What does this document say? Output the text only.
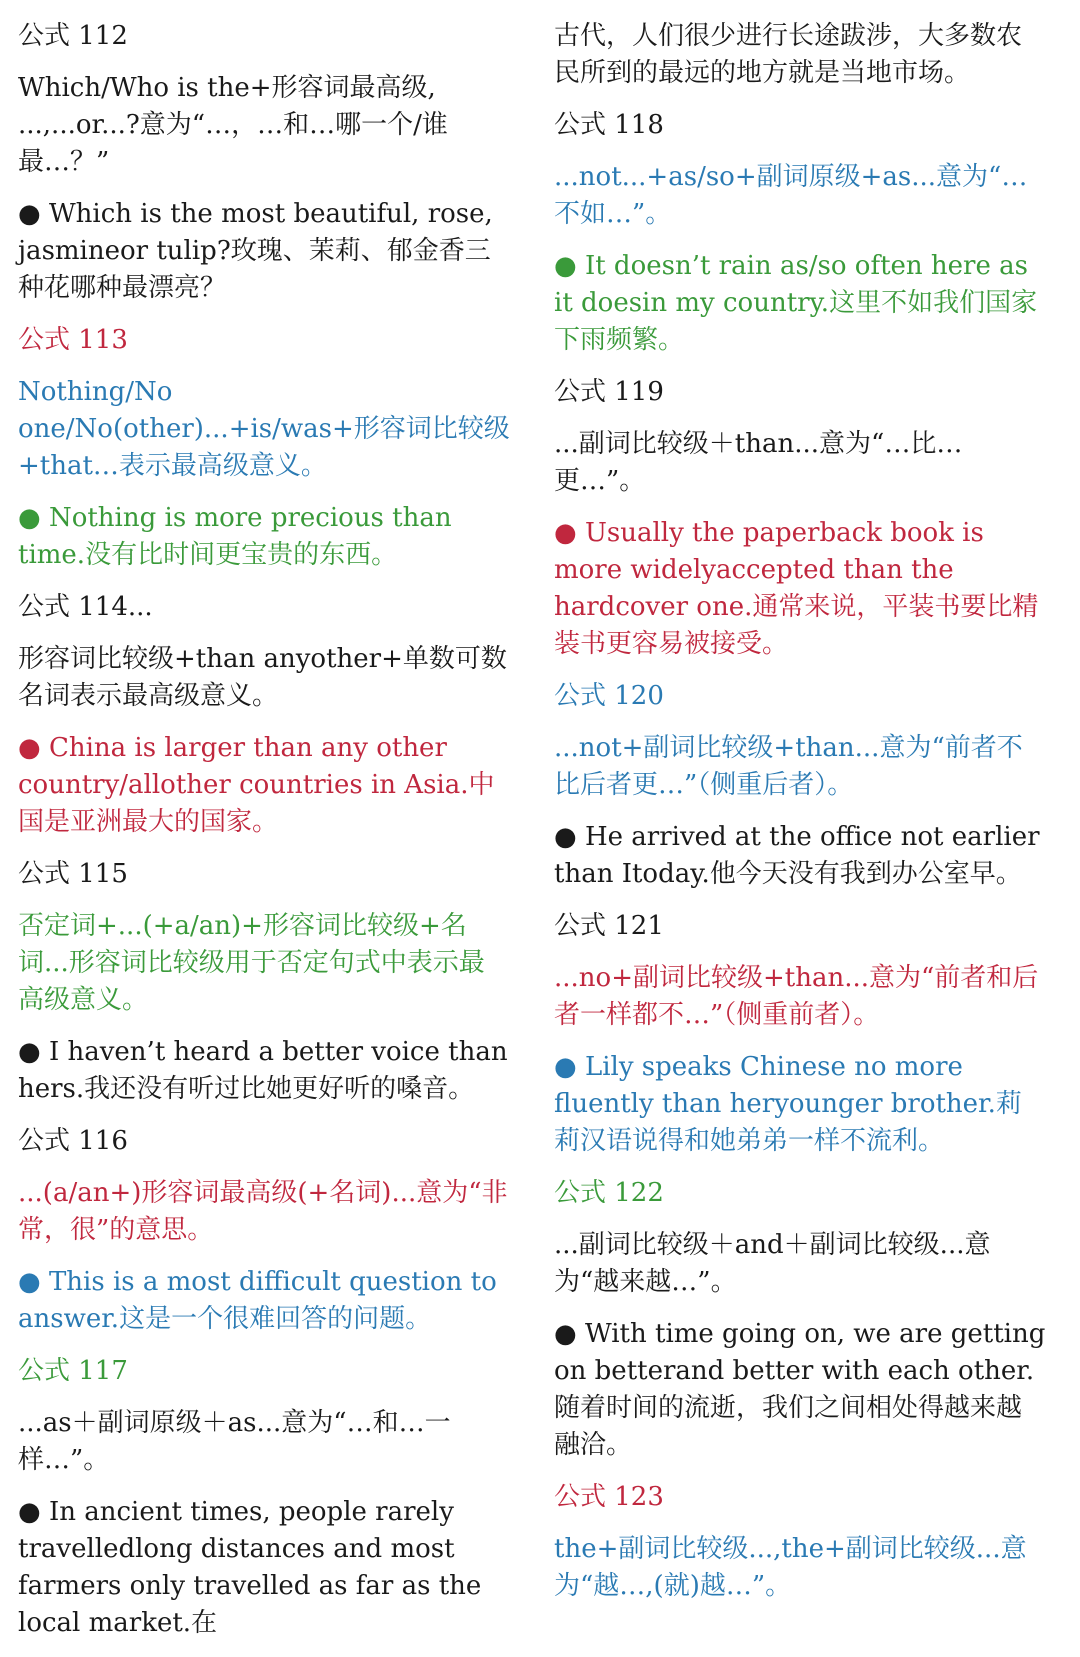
公式 112
Which/Who is the+形容词最高级, ...,...or...?意为“…，…和…哪一个/谁最…？”
● Which is the most beautiful, rose, jasmineor tulip?玫瑰、茉莉、郁金香三种花哪种最漂亮？
公式 113
Nothing/No one/No(other)...+is/was+形容词比较级+that…表示最高级意义。
● Nothing is more precious than time.没有比时间更宝贵的东西。
公式 114...
形容词比较级+than anyother+单数可数名词表示最高级意义。
● China is larger than any other country/allother countries in Asia.中国是亚洲最大的国家。
公式 115
否定词+...(+a/an)+形容词比较级+名词...形容词比较级用于否定句式中表示最高级意义。
● I haven’t heard a better voice than hers.我还没有听过比她更好听的嗓音。
公式 116
...(a/an+)形容词最高级(+名词)...意为“非常，很”的意思。
● This is a most difficult question to answer.这是一个很难回答的问题。
公式 117
...as＋副词原级＋as...意为“…和…一样…”。
● In ancient times, people rarely travelledlong distances and most farmers only travelled as far as the local market.在
古代，人们很少进行长途跋涉，大多数农民所到的最远的地方就是当地市场。
公式 118
...not...+as/so+副词原级+as...意为“…不如…”。
● It doesn’t rain as/so often here as it doesin my country.这里不如我们国家下雨频繁。
公式 119
...副词比较级＋than...意为“…比…更…”。
● Usually the paperback book is more widelyaccepted than the hardcover one.通常来说，平装书要比精装书更容易被接受。
公式 120
...not+副词比较级+than...意为“前者不比后者更…”（侧重后者）。
● He arrived at the office not earlier than Itoday.他今天没有我到办公室早。
公式 121
...no+副词比较级+than...意为“前者和后者一样都不…”（侧重前者）。
● Lily speaks Chinese no more fluently than heryounger brother.莉莉汉语说得和她弟弟一样不流利。
公式 122
...副词比较级＋and＋副词比较级...意为“越来越…”。
● With time going on, we are getting on betterand better with each other.随着时间的流逝，我们之间相处得越来越融洽。
公式 123
the+副词比较级...,the+副词比较级...意为“越…,(就)越…”。
